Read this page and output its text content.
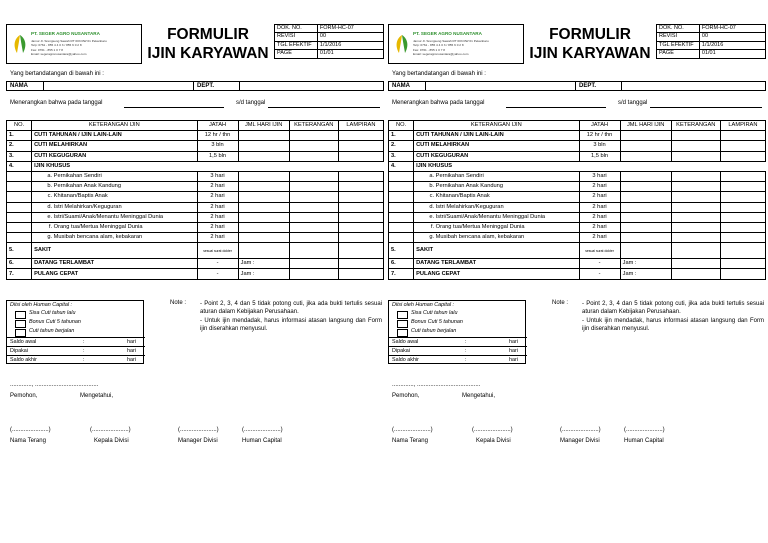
PT. SEGER AGRO NUSANTARA
Jamur Jl. Srengseng Sawah RT 003 RW 01 Pekanbaru
Telp: 0761 - 855 4 4 0 3 / 855 6 0 2 8
Fax: 0761 - 855 1 0 7 8
Email: segeragronusantara@yahoo.com
FORMULIR
IJIN KARYAWAN
DOK. NO.	FORM-HC-07
REVISI	00
TGL EFEKTIF	1/1/2016
PAGE	01/01
Yang bertandatangan di bawah ini :
NAMA	DEPT.
Menerangkan bahwa pada tanggal	s/d tanggal
NO.	KETERANGAN IJIN	JATAH	JML HARI IJIN	KETERANGAN	LAMPIRAN
1.	CUTI TAHUNAN / IJIN LAIN-LAIN	12 hr / thn			
2.	CUTI MELAHIRKAN	3 bln			
3.	CUTI KEGUGURAN	1,5 bln			
4.	IJIN KHUSUS				
	a. Pernikahan Sendiri	3 hari			
	b. Pernikahan Anak Kandung	2 hari			
	c. Khitanan/Baptis Anak	2 hari			
	d. Istri Melahirkan/Keguguran	2 hari			
	e. Istri/Suami/Anak/Menantu Meninggal Dunia	2 hari			
	f. Orang tua/Mertua Meninggal Dunia	2 hari			
	g. Musibah bencana alam, kebakaran	2 hari			
5.	SAKIT	sesuai surat dokter			

6.	DATANG TERLAMBAT	-	Jam :		
7.	PULANG CEPAT	-	Jam :		
Diisi oleh Human Capital :
Sisa Cuti tahun lalu
Bonus Cuti 5 tahunan
Cuti tahun berjalan
Saldo awal	:	hari
Dipakai	:	hari
Saldo akhir	:	hari
Note : - Point 2, 3, 4 dan 5 tidak potong cuti, jika ada bukti tertulis sesuai aturan dalam Kebijakan Perusahaan.

- Untuk ijin mendadak, harus informasi atasan langsung dan Form ijin diserahkan menyusul.

............., ......................................
Pemohon,	Mengetahui,
(......................)	(......................)	(......................)	(......................)
Nama Terang	Kepala Divisi	Manager Divisi	Human Capital
PT. SEGER AGRO NUSANTARA
Jamur Jl. Srengseng Sawah RT 003 RW 01 Pekanbaru
Telp: 0761 - 855 4 4 0 3 / 855 6 0 2 8
Fax: 0761 - 855 1 0 7 8
Email: segeragronusantara@yahoo.com
FORMULIR
IJIN KARYAWAN
DOK. NO.	FORM-HC-07
REVISI	00
TGL EFEKTIF	1/1/2016
PAGE	01/01
Yang bertandatangan di bawah ini :
NAMA	DEPT.
Menerangkan bahwa pada tanggal	s/d tanggal
NO.	KETERANGAN IJIN	JATAH	JML HARI IJIN	KETERANGAN	LAMPIRAN
1.	CUTI TAHUNAN / IJIN LAIN-LAIN	12 hr / thn			
2.	CUTI MELAHIRKAN	3 bln			
3.	CUTI KEGUGURAN	1,5 bln			
4.	IJIN KHUSUS				
	a. Pernikahan Sendiri	3 hari			
	b. Pernikahan Anak Kandung	2 hari			
	c. Khitanan/Baptis Anak	2 hari			
	d. Istri Melahirkan/Keguguran	2 hari			
	e. Istri/Suami/Anak/Menantu Meninggal Dunia	2 hari			
	f. Orang tua/Mertua Meninggal Dunia	2 hari			
	g. Musibah bencana alam, kebakaran	2 hari			
5.	SAKIT	sesuai surat dokter			

6.	DATANG TERLAMBAT	-	Jam :		
7.	PULANG CEPAT	-	Jam :		
Diisi oleh Human Capital :
Sisa Cuti tahun lalu
Bonus Cuti 5 tahunan
Cuti tahun berjalan
Saldo awal	:	hari
Dipakai	:	hari
Saldo akhir	:	hari
Note : - Point 2, 3, 4 dan 5 tidak potong cuti, jika ada bukti tertulis sesuai aturan dalam Kebijakan Perusahaan.

- Untuk ijin mendadak, harus informasi atasan langsung dan Form ijin diserahkan menyusul.

............., ......................................
Pemohon,	Mengetahui,
(......................)	(......................)	(......................)	(......................)
Nama Terang	Kepala Divisi	Manager Divisi	Human Capital
